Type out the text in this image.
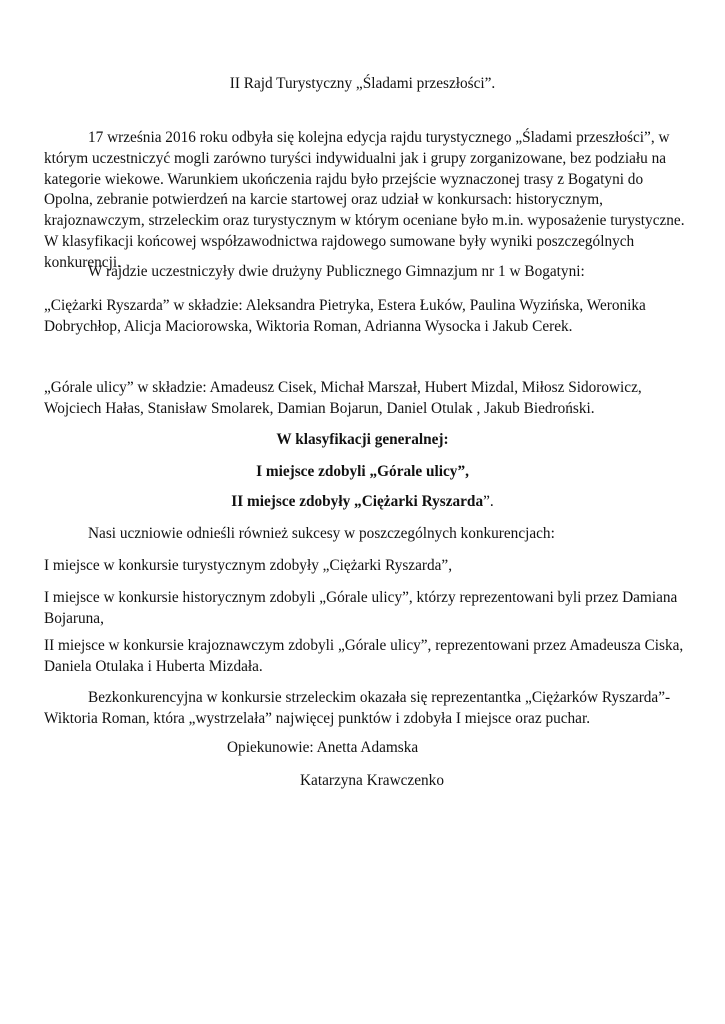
II Rajd Turystyczny „Śladami przeszłości”.
17 września 2016 roku odbyła się kolejna edycja rajdu turystycznego „Śladami przeszłości”, w którym uczestniczyć mogli zarówno turyści indywidualni jak i grupy zorganizowane, bez podziału na kategorie wiekowe. Warunkiem ukończenia rajdu było przejście wyznaczonej trasy z Bogatyni do Opolna, zebranie potwierdzeń na karcie startowej oraz udział w konkursach: historycznym, krajoznawczym, strzeleckim oraz turystycznym w którym oceniane było m.in. wyposażenie turystyczne. W klasyfikacji końcowej współzawodnictwa rajdowego sumowane były wyniki poszczególnych konkurencji.
W rajdzie uczestniczyły dwie drużyny Publicznego Gimnazjum nr 1 w Bogatyni:
„Ciężarki Ryszarda” w składzie: Aleksandra Pietryka, Estera Łuków, Paulina Wyzińska, Weronika Dobrychłop, Alicja Maciorowska, Wiktoria Roman, Adrianna Wysocka i Jakub Cerek.
„Górale ulicy” w składzie: Amadeusz Cisek, Michał Marszał, Hubert Mizdal, Miłosz Sidorowicz, Wojciech Hałas, Stanisław Smolarek, Damian Bojarun, Daniel Otulak , Jakub Biedroński.
W klasyfikacji generalnej:
I miejsce zdobyli „Górale ulicy”,
II miejsce zdobyły „Ciężarki Ryszarda”.
Nasi uczniowie odnieśli również sukcesy w poszczególnych konkurencjach:
I miejsce w konkursie turystycznym zdobyły „Ciężarki Ryszarda”,
I miejsce w konkursie historycznym zdobyli „Górale ulicy”, którzy reprezentowani byli przez Damiana Bojaruna,
II miejsce w konkursie krajoznawczym zdobyli „Górale ulicy”, reprezentowani przez Amadeusza Ciska, Daniela Otulaka i Huberta Mizdała.
Bezkonkurencyjna w konkursie strzeleckim okazała się reprezentantka „Ciężarków Ryszarda”- Wiktoria Roman, która „wystrzelała” najwięcej punktów i zdobyła I miejsce oraz puchar.
Opiekunowie: Anetta Adamska
Katarzyna Krawczenko
